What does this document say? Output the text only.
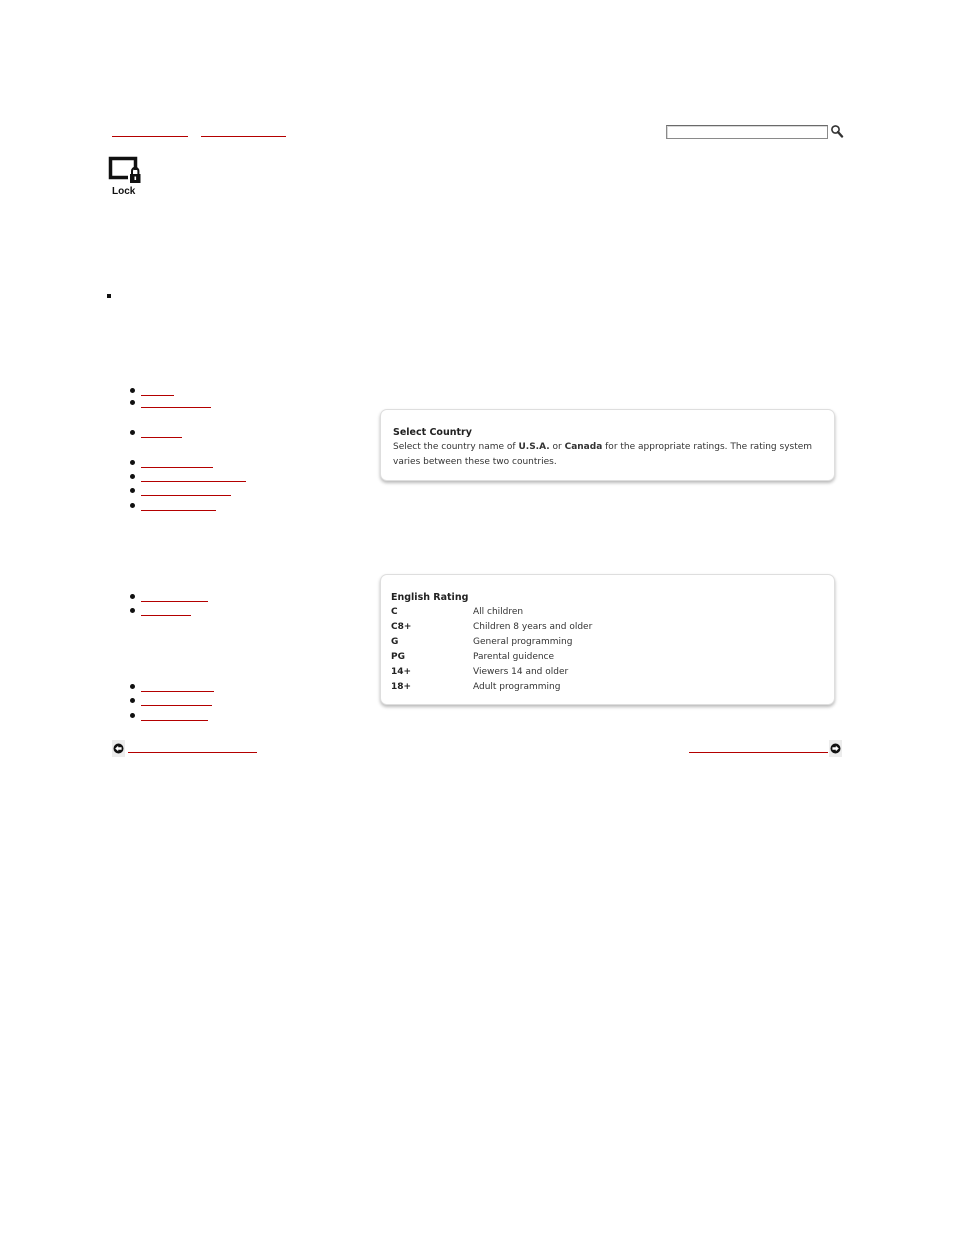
Lock

Select Country

Select the country name of U.S.A. or Canada for the appropriate ratings. The rating system varies between these two countries.

English Rating

C	All children
C8+	Children 8 years and older
G	General programming
PG	Parental guidence
14+	Viewers 14 and older
18+	Adult programming
